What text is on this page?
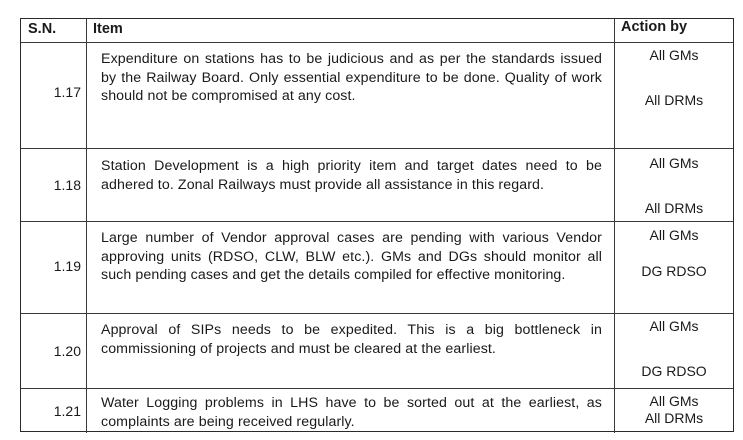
S.N.	Item	Action by
1.17
Expenditure on stations has to be judicious and as per the standards issued by the Railway Board. Only essential expenditure to be done. Quality of work should not be compromised at any cost.
All GMs
All DRMs
1.18
Station Development is a high priority item and target dates need to be adhered to. Zonal Railways must provide all assistance in this regard.
All GMs
All DRMs
1.19
Large number of Vendor approval cases are pending with various Vendor approving units (RDSO, CLW, BLW etc.). GMs and DGs should monitor all such pending cases and get the details compiled for effective monitoring.
All GMs
DG RDSO
1.20
Approval of SIPs needs to be expedited. This is a big bottleneck in commissioning of projects and must be cleared at the earliest.
All GMs
DG RDSO
1.21 Water Logging problems in LHS have to be sorted out at the earliest, as complaints are being received regularly.
All GMs
All DRMs
